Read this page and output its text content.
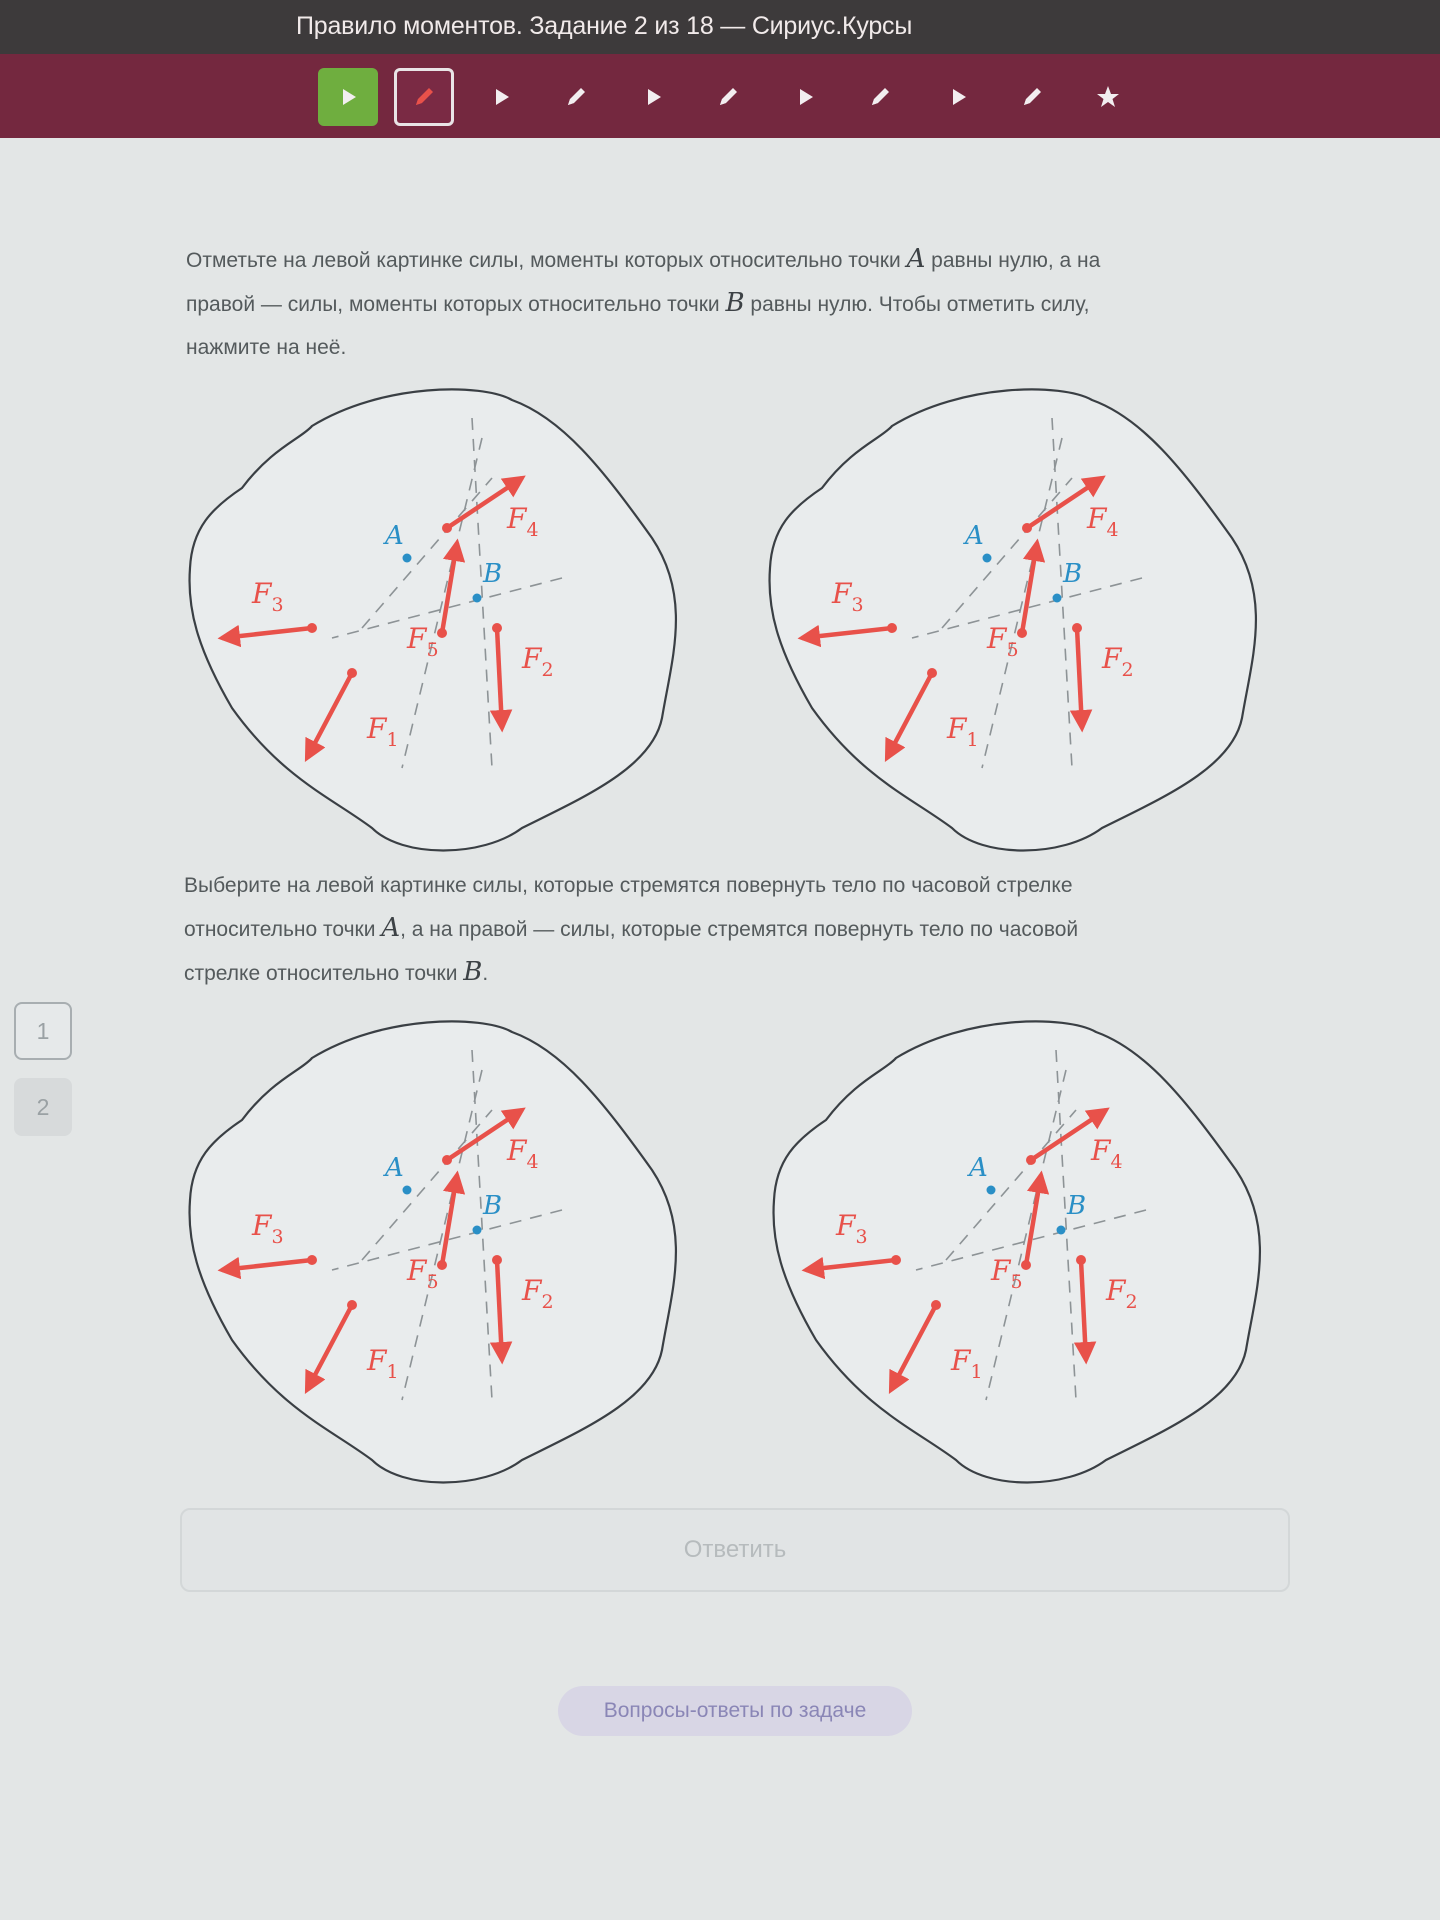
Правило моментов. Задание 2 из 18 — Сириус.Курсы
Отметьте на левой картинке силы, моменты которых относительно точки A равны нулю, а на
правой — силы, моменты которых относительно точки B равны нулю. Чтобы отметить силу,
нажмите на неё.
Выберите на левой картинке силы, которые стремятся повернуть тело по часовой стрелке
относительно точки A, а на правой — силы, которые стремятся повернуть тело по часовой
стрелке относительно точки B.
A
B
$F_1$
$F_2$
$F_3$
$F_4$
$F_5$
A
B
$F_1$
$F_2$
$F_3$
$F_4$
$F_5$
A
B
$F_1$
$F_2$
$F_3$
$F_4$
$F_5$
A
B
$F_1$
$F_2$
$F_3$
$F_4$
$F_5$
1
2
Ответить
Вопросы-ответы по задаче
